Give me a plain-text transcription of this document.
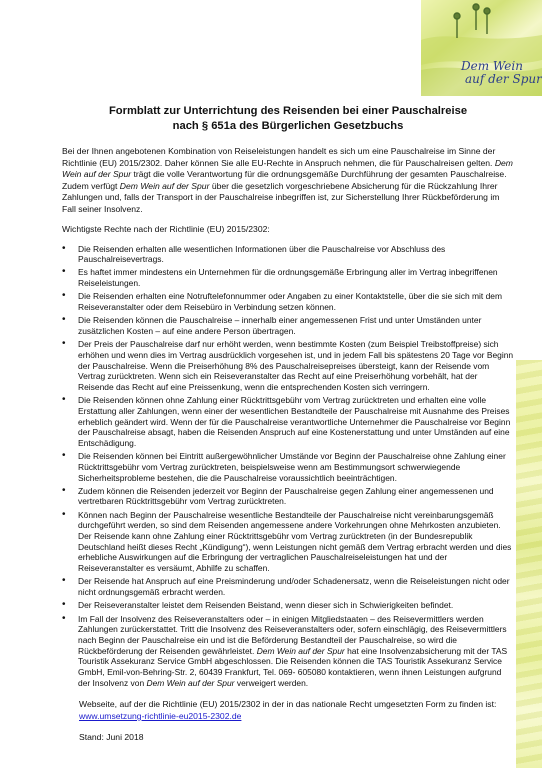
Dem Wein
auf der Spur
Formblatt zur Unterrichtung des Reisenden bei einer Pauschalreise
nach § 651a des Bürgerlichen Gesetzbuchs
Bei der Ihnen angebotenen Kombination von Reiseleistungen handelt es sich um eine Pauschalreise im Sinne der Richtlinie (EU) 2015/2302. Daher können Sie alle EU-Rechte in Anspruch nehmen, die für Pauschalreisen gelten. Dem Wein auf der Spur trägt die volle Verantwortung für die ordnungsgemäße Durchführung der gesamten Pauschalreise. Zudem verfügt Dem Wein auf der Spur über die gesetzlich vorgeschriebene Absicherung für die Rückzahlung Ihrer Zahlungen und, falls der Transport in der Pauschalreise inbegriffen ist, zur Sicherstellung Ihrer Rückbeförderung im Fall seiner Insolvenz.
Wichtigste Rechte nach der Richtlinie (EU) 2015/2302:
• Die Reisenden erhalten alle wesentlichen Informationen über die Pauschalreise vor Abschluss des Pauschalreisevertrags.
• Es haftet immer mindestens ein Unternehmen für die ordnungsgemäße Erbringung aller im Vertrag inbegriffenen Reiseleistungen.
• Die Reisenden erhalten eine Notruftelefonnummer oder Angaben zu einer Kontaktstelle, über die sie sich mit dem Reiseveranstalter oder dem Reisebüro in Verbindung setzen können.
• Die Reisenden können die Pauschalreise – innerhalb einer angemessenen Frist und unter Umständen unter zusätzlichen Kosten – auf eine andere Person übertragen.
• Der Preis der Pauschalreise darf nur erhöht werden, wenn bestimmte Kosten (zum Beispiel Treibstoffpreise) sich erhöhen und wenn dies im Vertrag ausdrücklich vorgesehen ist, und in jedem Fall bis spätestens 20 Tage vor Beginn der Pauschalreise. Wenn die Preiserhöhung 8% des Pauschalreisepreises übersteigt, kann der Reisende vom Vertrag zurücktreten. Wenn sich ein Reiseveranstalter das Recht auf eine Preiserhöhung vorbehält, hat der Reisende das Recht auf eine Preissenkung, wenn die entsprechenden Kosten sich verringern.
• Die Reisenden können ohne Zahlung einer Rücktrittsgebühr vom Vertrag zurücktreten und erhalten eine volle Erstattung aller Zahlungen, wenn einer der wesentlichen Bestandteile der Pauschalreise mit Ausnahme des Preises erheblich geändert wird. Wenn der für die Pauschalreise verantwortliche Unternehmer die Pauschalreise vor Beginn der Pauschalreise absagt, haben die Reisenden Anspruch auf eine Kostenerstattung und unter Umständen auf eine Entschädigung.
• Die Reisenden können bei Eintritt außergewöhnlicher Umstände vor Beginn der Pauschalreise ohne Zahlung einer Rücktrittsgebühr vom Vertrag zurücktreten, beispielsweise wenn am Bestimmungsort schwerwiegende Sicherheitsprobleme bestehen, die die Pauschalreise voraussichtlich beeinträchtigen.
• Zudem können die Reisenden jederzeit vor Beginn der Pauschalreise gegen Zahlung einer angemessenen und vertretbaren Rücktrittsgebühr vom Vertrag zurücktreten.
• Können nach Beginn der Pauschalreise wesentliche Bestandteile der Pauschalreise nicht vereinbarungsgemäß durchgeführt werden, so sind dem Reisenden angemessene andere Vorkehrungen ohne Mehrkosten anzubieten. Der Reisende kann ohne Zahlung einer Rücktrittsgebühr vom Vertrag zurücktreten (in der Bundesrepublik Deutschland heißt dieses Recht „Kündigung“), wenn Leistungen nicht gemäß dem Vertrag erbracht werden und dies erhebliche Auswirkungen auf die Erbringung der vertraglichen Pauschalreiseleistungen hat und der Reiseveranstalter es versäumt, Abhilfe zu schaffen.
• Der Reisende hat Anspruch auf eine Preisminderung und/oder Schadenersatz, wenn die Reiseleistungen nicht oder nicht ordnungsgemäß erbracht werden.
• Der Reiseveranstalter leistet dem Reisenden Beistand, wenn dieser sich in Schwierigkeiten befindet.
• Im Fall der Insolvenz des Reiseveranstalters oder – in einigen Mitgliedstaaten – des Reisevermittlers werden Zahlungen zurückerstattet. Tritt die Insolvenz des Reiseveranstalters oder, sofern einschlägig, des Reisevermittlers nach Beginn der Pauschalreise ein und ist die Beförderung Bestandteil der Pauschalreise, so wird die Rückbeförderung der Reisenden gewährleistet. Dem Wein auf der Spur hat eine Insolvenzabsicherung mit der TAS Touristik Assekuranz Service GmbH abgeschlossen. Die Reisenden können die TAS Touristik Assekuranz Service GmbH, Emil-von-Behring-Str. 2, 60439 Frankfurt, Tel. 069- 605080 kontaktieren, wenn ihnen Leistungen aufgrund der Insolvenz von Dem Wein auf der Spur verweigert werden.
Webseite, auf der die Richtlinie (EU) 2015/2302 in der in das nationale Recht umgesetzten Form zu finden ist: www.umsetzung-richtlinie-eu2015-2302.de
Stand: Juni 2018
